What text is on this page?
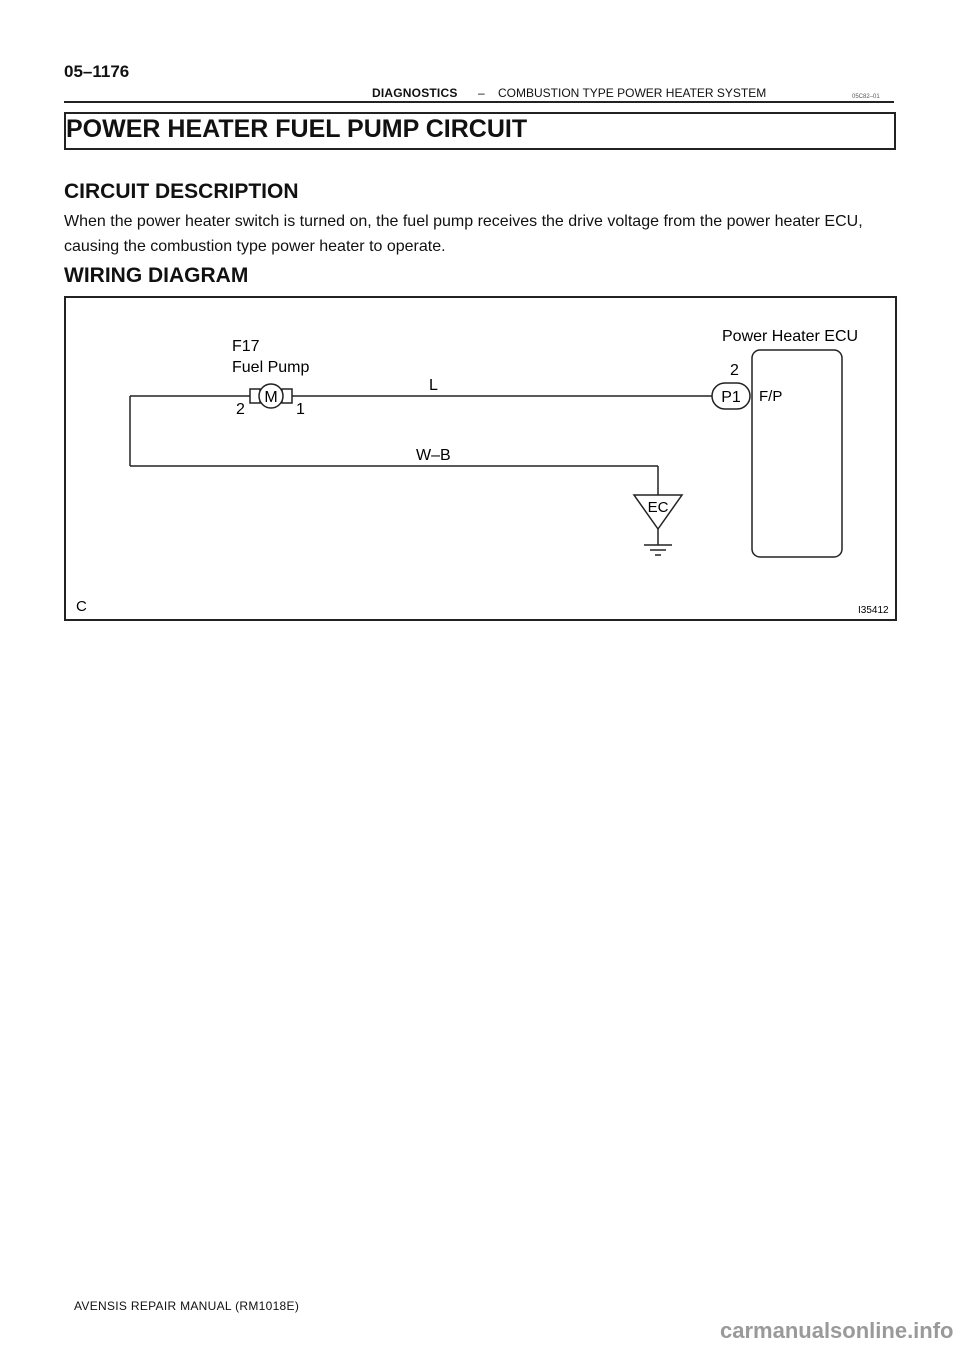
05–1176
DIAGNOSTICS – COMBUSTION TYPE POWER HEATER SYSTEM	05C82–01
POWER HEATER FUEL PUMP CIRCUIT
CIRCUIT DESCRIPTION
When the power heater switch is turned on, the fuel pump receives the drive voltage from the power heater ECU, causing the combustion type power heater to operate.
WIRING DIAGRAM
M
F17
Fuel Pump
2	1
L
W–B
EC
Power Heater ECU
2
P1 F/P
C	I35412
AVENSIS REPAIR MANUAL (RM1018E)
carmanualsonline.info
